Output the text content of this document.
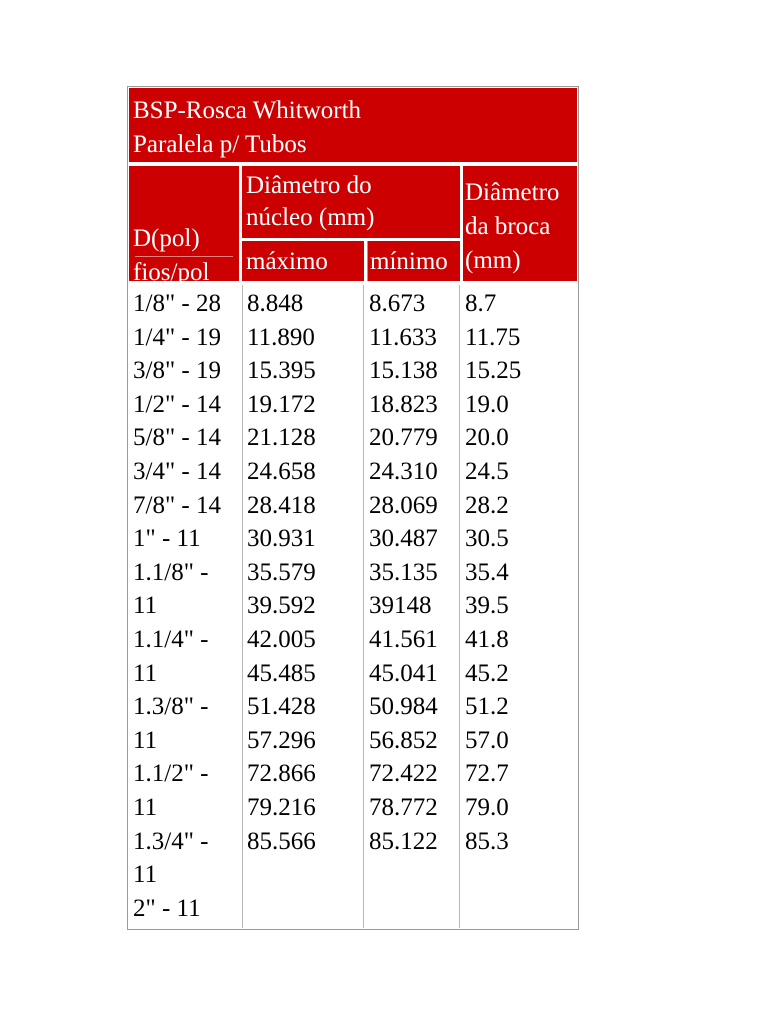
BSP-Rosca Whitworth
Paralela p/ Tubos

D(pol)
fios/pol

Diâmetro do
núcleo (mm)
máximo	mínimo
Diâmetro
da broca
(mm)
1/8" - 28
1/4" - 19
3/8" - 19
1/2" - 14
5/8" - 14
3/4" - 14
7/8" - 14
1" - 11
1.1/8" -
11
1.1/4" -
11
1.3/8" -
11
1.1/2" -
11
1.3/4" -
11
2" - 11
8.848
11.890
15.395
19.172
21.128
24.658
28.418
30.931
35.579
39.592
42.005
45.485
51.428
57.296
72.866
79.216
85.566
8.673
11.633
15.138
18.823
20.779
24.310
28.069
30.487
35.135
39148
41.561
45.041
50.984
56.852
72.422
78.772
85.122
8.7
11.75
15.25
19.0
20.0
24.5
28.2
30.5
35.4
39.5
41.8
45.2
51.2
57.0
72.7
79.0
85.3
